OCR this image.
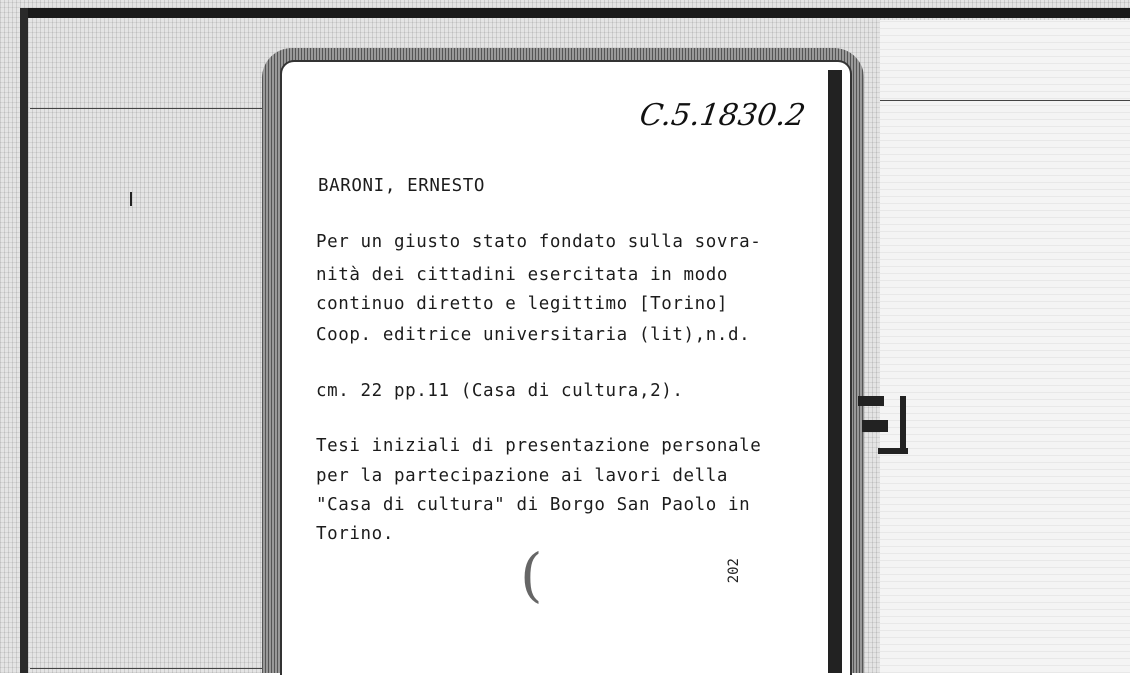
C.5.1830.2
BARONI, ERNESTO
Per un giusto stato fondato sulla sovra-
nità dei cittadini esercitata in modo
continuo diretto e legittimo [Torino]
Coop. editrice universitaria (lit),n.d.
cm. 22 pp.11 (Casa di cultura,2).
Tesi iniziali di presentazione personale
per la partecipazione ai lavori della
"Casa di cultura" di Borgo San Paolo in
Torino.
(	202
